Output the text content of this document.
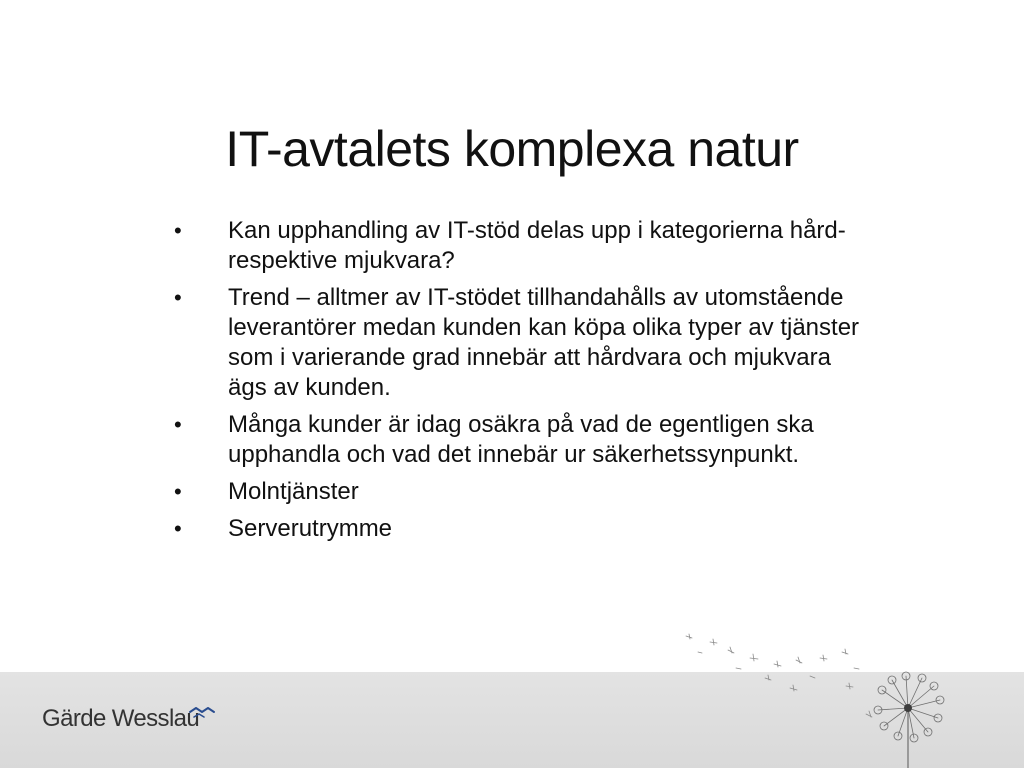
IT-avtalets komplexa natur
• Kan upphandling av IT-stöd delas upp i kategorierna hård- respektive mjukvara?
• Trend – alltmer av IT-stödet tillhandahålls av utomstående leverantörer medan kunden kan köpa olika typer av tjänster som i varierande grad innebär att hårdvara och mjukvara ägs av kunden.
• Många kunder är idag osäkra på vad de egentligen ska upphandla och vad det innebär ur säkerhetssynpunkt.
• Molntjänster
• Serverutrymme
Gärde Wesslau
